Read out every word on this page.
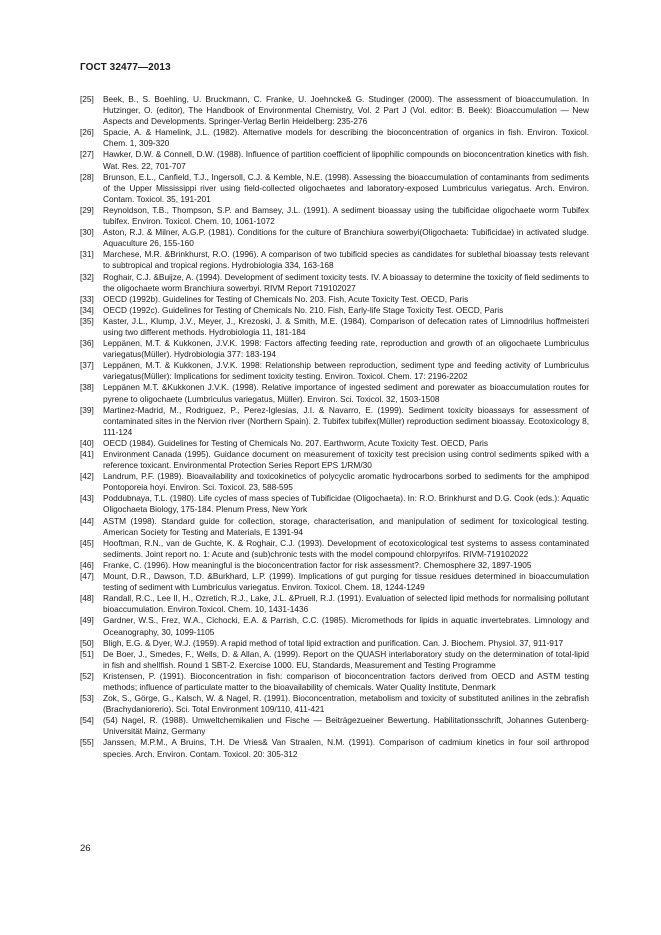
ГОСТ 32477—2013
[25]	Beek, B., S. Boehling, U. Bruckmann, C. Franke, U. Joehncke& G. Studinger (2000). The assessment of bioaccumulation. In Hutzinger, O. (editor), The Handbook of Environmental Chemistry, Vol. 2 Part J (Vol. editor: B. Beek): Bioaccumulation — New Aspects and Developments. Springer-Verlag Berlin Heidelberg: 235-276
[26]	Spacie, A. & Hamelink, J.L. (1982). Alternative models for describing the bioconcentration of organics in fish. Environ. Toxicol. Chem. 1, 309-320
[27]	Hawker, D.W. & Connell, D.W. (1988). Influence of partition coefficient of lipophilic compounds on bioconcentration kinetics with fish. Wat. Res. 22, 701-707
[28]	Brunson, E.L., Canfield, T.J., Ingersoll, C.J. & Kemble, N.E. (1998). Assessing the bioaccumulation of contaminants from sediments of the Upper Mississippi river using field-collected oligochaetes and laboratory-exposed Lumbriculus variegatus. Arch. Environ. Contam. Toxicol. 35, 191-201
[29]	Reynoldson, T.B., Thompson, S.P. and Bamsey, J.L. (1991). A sediment bioassay using the tubificidae oligochaete worm Tubifex tubifex. Environ. Toxicol. Chem. 10, 1061-1072
[30]	Aston, R.J. & Milner, A.G.P. (1981). Conditions for the culture of Branchiura sowerbyi(Oligochaeta: Tubificidae) in activated sludge. Aquaculture 26, 155-160
[31]	Marchese, M.R. &Brinkhurst, R.O. (1996). A comparison of two tubificid species as candidates for sublethal bioassay tests relevant to subtropical and tropical regions. Hydrobiologia 334, 163-168
[32]	Roghair, C.J. &Buijze, A. (1994). Development of sediment toxicity tests. IV. A bioassay to determine the toxicity of field sediments to the oligochaete worm Branchiura sowerbyi. RIVM Report 719102027
[33]	OECD (1992b). Guidelines for Testing of Chemicals No. 203. Fish, Acute Toxicity Test. OECD, Paris
[34]	OECD (1992c). Guidelines for Testing of Chemicals No. 210. Fish, Early-life Stage Toxicity Test. OECD, Paris
[35]	Kaster, J.L., Klump, J.V., Meyer, J., Krezoski, J. & Smith, M.E. (1984). Comparison of defecation rates of Limnodrilus hoffmeisteri using two different methods. Hydrobiologia 11, 181-184
[36]	Leppänen, M.T. & Kukkonen, J.V.K. 1998: Factors affecting feeding rate, reproduction and growth of an oligochaete Lumbriculus variegatus(Müller). Hydrobiologia 377: 183-194
[37]	Leppänen, M.T. & Kukkonen, J.V.K. 1998: Relationship between reproduction, sediment type and feeding activity of Lumbriculus variegatus(Müller): Implications for sediment toxicity testing. Environ. Toxicol. Chem. 17: 2196-2202
[38]	Leppänen M.T. &Kukkonen J.V.K. (1998). Relative importance of ingested sediment and porewater as bioaccumulation routes for pyrene to oligochaete (Lumbriculus variegatus, Müller). Environ. Sci. Toxicol. 32, 1503-1508
[39]	Martinez-Madrid, M., Rodriguez, P., Perez-Iglesias, J.I. & Navarro, E. (1999). Sediment toxicity bioassays for assessment of contaminated sites in the Nervion river (Northern Spain). 2. Tubifex tubifex(Müller) reproduction sediment bioassay. Ecotoxicology 8, 111-124
[40]	OECD (1984). Guidelines for Testing of Chemicals No. 207. Earthworm, Acute Toxicity Test. OECD, Paris
[41]	Environment Canada (1995). Guidance document on measurement of toxicity test precision using control sediments spiked with a reference toxicant. Environmental Protection Series Report EPS 1/RM/30
[42]	Landrum, P.F. (1989). Bioavailability and toxicokinetics of polycyclic aromatic hydrocarbons sorbed to sediments for the amphipod Pontoporeia hoyi. Environ. Sci. Toxicol. 23, 588-595
[43]	Poddubnaya, T.L. (1980). Life cycles of mass species of Tubificidae (Oligochaeta). In: R.O. Brinkhurst and D.G. Cook (eds.): Aquatic Oligochaeta Biology, 175-184. Plenum Press, New York
[44]	ASTM (1998). Standard guide for collection, storage, characterisation, and manipulation of sediment for toxicological testing. American Society for Testing and Materials, E 1391-94
[45]	Hooftman, R.N., van de Guchte, K. & Roghair, C.J. (1993). Development of ecotoxicological test systems to assess contaminated sediments. Joint report no. 1: Acute and (sub)chronic tests with the model compound chlorpyrifos. RIVM-719102022
[46]	Franke, C. (1996). How meaningful is the bioconcentration factor for risk assessment?. Chemosphere 32, 1897-1905
[47]	Mount, D.R., Dawson, T.D. &Burkhard, L.P. (1999). Implications of gut purging for tissue residues determined in bioaccumulation testing of sediment with Lumbriculus variegatus. Environ. Toxicol. Chem. 18, 1244-1249
[48]	Randall, R.C., Lee II, H., Ozretich, R.J., Lake, J.L. &Pruell, R.J. (1991). Evaluation of selected lipid methods for normalising pollutant bioaccumulation. Environ.Toxicol. Chem. 10, 1431-1436
[49]	Gardner, W.S., Frez, W.A., Cichocki, E.A. & Parrish, C.C. (1985). Micromethods for lipids in aquatic invertebrates. Limnology and Oceanography, 30, 1099-1105
[50]	Bligh, E.G. & Dyer, W.J. (1959). A rapid method of total lipid extraction and purification. Can. J. Biochem. Physiol. 37, 911-917
[51]	De Boer, J., Smedes, F., Wells, D. & Allan, A. (1999). Report on the QUASH interlaboratory study on the determination of total-lipid in fish and shellfish. Round 1 SBT-2. Exercise 1000. EU, Standards, Measurement and Testing Programme
[52]	Kristensen, P. (1991). Bioconcentration in fish: comparison of bioconcentration factors derived from OECD and ASTM testing methods; influence of particulate matter to the bioavailability of chemicals. Water Quality Institute, Denmark
[53]	Zok, S., Görge, G., Kalsch, W. & Nagel, R. (1991). Bioconcentration, metabolism and toxicity of substituted anilines in the zebrafish (Brachydaniorerio). Sci. Total Environment 109/110, 411-421
[54]	(54) Nagel, R. (1988). Umweltchemikalien und Fische — Beiträgezueiner Bewertung. Habilitationsschrift, Johannes Gutenberg-Universität Mainz, Germany
[55]	Janssen, M.P.M., A Bruins, T.H. De Vries& Van Straalen, N.M. (1991). Comparison of cadmium kinetics in four soil arthropod species. Arch. Environ. Contam. Toxicol. 20: 305-312
26
